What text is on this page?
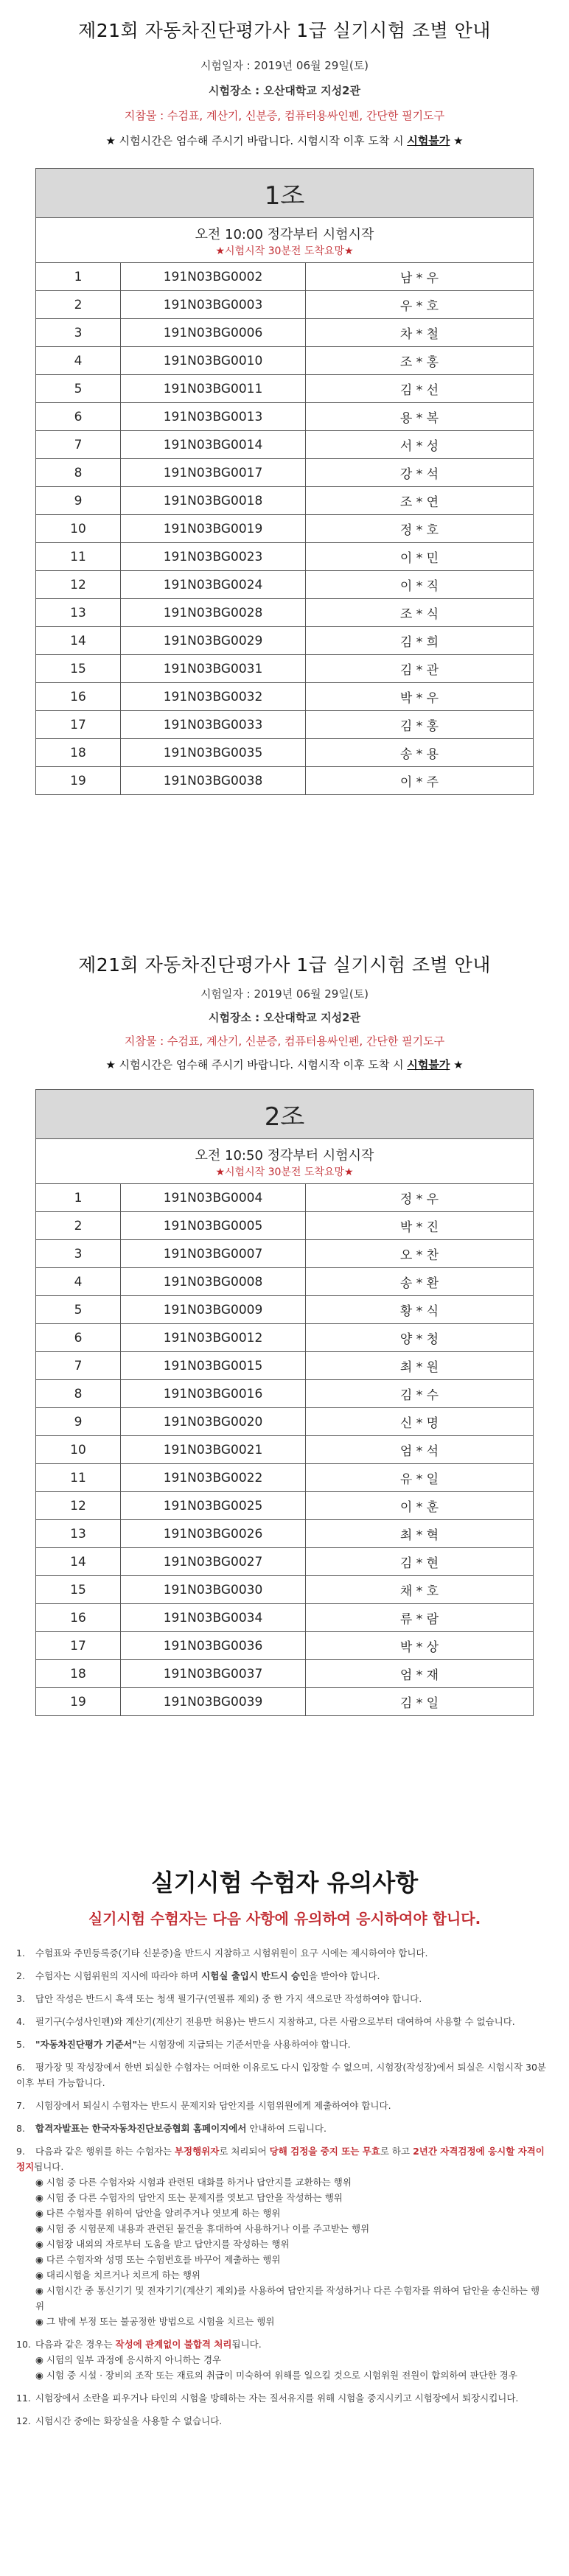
제21회 자동차진단평가사 1급 실기시험 조별 안내
시험일자 : 2019년 06월 29일(토)
시험장소 : 오산대학교 지성2관
지참물 : 수검표, 계산기, 신분증, 컴퓨터용싸인펜, 간단한 필기도구
★ 시험시간은 엄수해 주시기 바랍니다. 시험시작 이후 도착 시 시험불가 ★
1조		

오전 10:00 정각부터 시험시작
★시험시작 30분전 도착요망★		

1	191N03BG0002	남 * 우
2	191N03BG0003	우 * 호
3	191N03BG0006	차 * 철
4	191N03BG0010	조 * 홍
5	191N03BG0011	김 * 선
6	191N03BG0013	용 * 복
7	191N03BG0014	서 * 성
8	191N03BG0017	강 * 석
9	191N03BG0018	조 * 연
10	191N03BG0019	정 * 호
11	191N03BG0023	이 * 민
12	191N03BG0024	이 * 직
13	191N03BG0028	조 * 식
14	191N03BG0029	김 * 희
15	191N03BG0031	김 * 관
16	191N03BG0032	박 * 우
17	191N03BG0033	김 * 홍
18	191N03BG0035	송 * 용
19	191N03BG0038	이 * 주
제21회 자동차진단평가사 1급 실기시험 조별 안내
시험일자 : 2019년 06월 29일(토)
시험장소 : 오산대학교 지성2관
지참물 : 수검표, 계산기, 신분증, 컴퓨터용싸인펜, 간단한 필기도구
★ 시험시간은 엄수해 주시기 바랍니다. 시험시작 이후 도착 시 시험불가 ★
2조		

오전 10:50 정각부터 시험시작
★시험시작 30분전 도착요망★		

1	191N03BG0004	정 * 우
2	191N03BG0005	박 * 진
3	191N03BG0007	오 * 찬
4	191N03BG0008	송 * 환
5	191N03BG0009	황 * 식
6	191N03BG0012	양 * 청
7	191N03BG0015	최 * 원
8	191N03BG0016	김 * 수
9	191N03BG0020	신 * 명
10	191N03BG0021	엄 * 석
11	191N03BG0022	유 * 일
12	191N03BG0025	이 * 훈
13	191N03BG0026	최 * 혁
14	191N03BG0027	김 * 현
15	191N03BG0030	채 * 호
16	191N03BG0034	류 * 람
17	191N03BG0036	박 * 상
18	191N03BG0037	엄 * 재
19	191N03BG0039	김 * 일
실기시험 수험자 유의사항
실기시험 수험자는 다음 사항에 유의하여 응시하여야 합니다.
1. 수험표와 주민등록증(기타 신분증)을 반드시 지참하고 시험위원이 요구 시에는 제시하여야 합니다.
2. 수험자는 시험위원의 지시에 따라야 하며 시험실 출입시 반드시 승인을 받아야 합니다.
3. 답안 작성은 반드시 흑색 또는 청색 필기구(연필류 제외) 중 한 가지 색으로만 작성하여야 합니다.
4. 필기구(수성사인펜)와 계산기(계산기 전용만 허용)는 반드시 지참하고, 다른 사람으로부터 대여하여 사용할 수 없습니다.
5. "자동차진단평가 기준서"는 시험장에 지급되는 기준서만을 사용하여야 합니다.
6. 평가장 및 작성장에서 한번 퇴실한 수험자는 어떠한 이유로도 다시 입장할 수 없으며, 시험장(작성장)에서 퇴실은 시험시작 30분 이후 부터 가능합니다.
7. 시험장에서 퇴실시 수험자는 반드시 문제지와 답안지를 시험위원에게 제출하여야 합니다.
8. 합격자발표는 한국자동차진단보증협회 홈페이지에서 안내하여 드립니다.
9. 다음과 같은 행위를 하는 수험자는 부정행위자로 처리되어 당해 검정을 중지 또는 무효로 하고 2년간 자격검정에 응시할 자격이 정지됩니다.
◉ 시험 중 다른 수험자와 시험과 관련된 대화를 하거나 답안지를 교환하는 행위
◉ 시험 중 다른 수험자의 답안지 또는 문제지를 엿보고 답안을 작성하는 행위
◉ 다른 수험자를 위하여 답안을 알려주거나 엿보게 하는 행위
◉ 시험 중 시험문제 내용과 관련된 물건을 휴대하여 사용하거나 이를 주고받는 행위
◉ 시험장 내외의 자로부터 도움을 받고 답안지를 작성하는 행위
◉ 다른 수험자와 성명 또는 수험번호를 바꾸어 제출하는 행위
◉ 대리시험을 치르거나 치르게 하는 행위
◉ 시험시간 중 통신기기 및 전자기기(계산기 제외)를 사용하여 답안지를 작성하거나 다른 수험자를 위하여 답안을 송신하는 행위
◉ 그 밖에 부정 또는 불공정한 방법으로 시험을 치르는 행위
10. 다음과 같은 경우는 작성에 관계없이 불합격 처리됩니다.
◉ 시험의 일부 과정에 응시하지 아니하는 경우
◉ 시험 중 시설 · 장비의 조작 또는 재료의 취급이 미숙하여 위해를 일으킬 것으로 시험위원 전원이 합의하여 판단한 경우
11. 시험장에서 소란을 피우거나 타인의 시험을 방해하는 자는 질서유지를 위해 시험을 중지시키고 시험장에서 퇴장시킵니다.
12. 시험시간 중에는 화장실을 사용할 수 없습니다.
